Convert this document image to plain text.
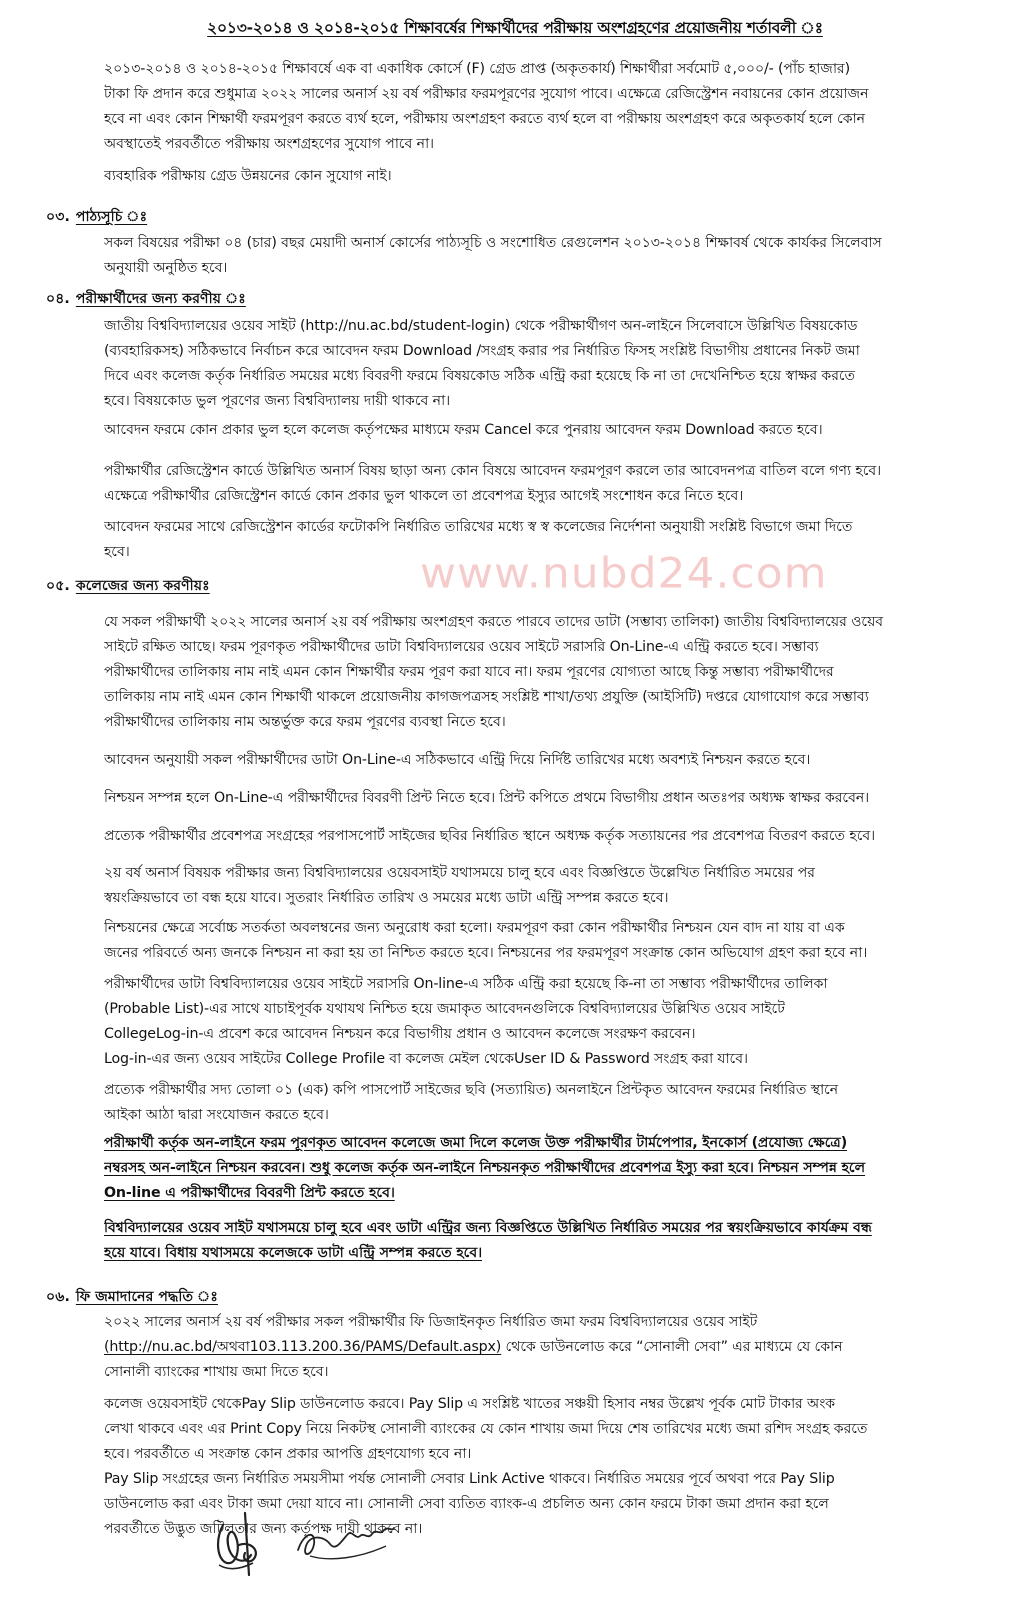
২০১৩-২০১৪ ও ২০১৪-২০১৫ শিক্ষাবর্ষের শিক্ষার্থীদের পরীক্ষায় অংশগ্রহণের প্রয়োজনীয় শর্তাবলী ঃ
www.nubd24.com
২০১৩-২০১৪ ও ২০১৪-২০১৫ শিক্ষাবর্ষে এক বা একাধিক কোর্সে (F) গ্রেড প্রাপ্ত (অকৃতকার্য) শিক্ষার্থীরা সর্বমোট ৫,০০০/- (পাঁচ হাজার)
টাকা ফি প্রদান করে শুধুমাত্র ২০২২ সালের অনার্স ২য় বর্ষ পরীক্ষার ফরমপূরণের সুযোগ পাবে। এক্ষেত্রে রেজিস্ট্রেশন নবায়নের কোন প্রয়োজন
হবে না এবং কোন শিক্ষার্থী ফরমপূরণ করতে ব্যর্থ হলে, পরীক্ষায় অংশগ্রহণ করতে ব্যর্থ হলে বা পরীক্ষায় অংশগ্রহণ করে অকৃতকার্য হলে কোন
অবস্থাতেই পরবর্তীতে পরীক্ষায় অংশগ্রহণের সুযোগ পাবে না।
ব্যবহারিক পরীক্ষায় গ্রেড উন্নয়নের কোন সুযোগ নাই।
০৩. পাঠ্যসূচি ঃ
সকল বিষয়ের পরীক্ষা ০৪ (চার) বছর মেয়াদী অনার্স কোর্সের পাঠ্যসূচি ও সংশোধিত রেগুলেশন ২০১৩-২০১৪ শিক্ষাবর্ষ থেকে কার্যকর সিলেবাস
অনুযায়ী অনুষ্ঠিত হবে।
০৪. পরীক্ষার্থীদের জন্য করণীয় ঃ
জাতীয় বিশ্ববিদ্যালয়ের ওয়েব সাইট (http://nu.ac.bd/student-login) থেকে পরীক্ষার্থীগণ অন-লাইনে সিলেবাসে উল্লিখিত বিষয়কোড
(ব্যবহারিকসহ) সঠিকভাবে নির্বাচন করে আবেদন ফরম Download /সংগ্রহ করার পর নির্ধারিত ফিসহ সংশ্লিষ্ট বিভাগীয় প্রধানের নিকট জমা
দিবে এবং কলেজ কর্তৃক নির্ধারিত সময়ের মধ্যে বিবরণী ফরমে বিষয়কোড সঠিক এন্ট্রি করা হয়েছে কি না তা দেখেনিশ্চিত হয়ে স্বাক্ষর করতে
হবে। বিষয়কোড ভুল পূরণের জন্য বিশ্ববিদ্যালয় দায়ী থাকবে না।
আবেদন ফরমে কোন প্রকার ভুল হলে কলেজ কর্তৃপক্ষের মাধ্যমে ফরম Cancel করে পুনরায় আবেদন ফরম Download করতে হবে।
পরীক্ষার্থীর রেজিস্ট্রেশন কার্ডে উল্লিখিত অনার্স বিষয় ছাড়া অন্য কোন বিষয়ে আবেদন ফরমপূরণ করলে তার আবেদনপত্র বাতিল বলে গণ্য হবে।
এক্ষেত্রে পরীক্ষার্থীর রেজিস্ট্রেশন কার্ডে কোন প্রকার ভুল থাকলে তা প্রবেশপত্র ইস্যুর আগেই সংশোধন করে নিতে হবে।
আবেদন ফরমের সাথে রেজিস্ট্রেশন কার্ডের ফটোকপি নির্ধারিত তারিখের মধ্যে স্ব স্ব কলেজের নির্দেশনা অনুযায়ী সংশ্লিষ্ট বিভাগে জমা দিতে
হবে।
০৫. কলেজের জন্য করণীয়ঃ
যে সকল পরীক্ষার্থী ২০২২ সালের অনার্স ২য় বর্ষ পরীক্ষায় অংশগ্রহণ করতে পারবে তাদের ডাটা (সম্ভাব্য তালিকা) জাতীয় বিশ্ববিদ্যালয়ের ওয়েব
সাইটে রক্ষিত আছে। ফরম পূরণকৃত পরীক্ষার্থীদের ডাটা বিশ্ববিদ্যালয়ের ওয়েব সাইটে সরাসরি On-Line-এ এন্ট্রি করতে হবে। সম্ভাব্য
পরীক্ষার্থীদের তালিকায় নাম নাই এমন কোন শিক্ষার্থীর ফরম পূরণ করা যাবে না। ফরম পূরণের যোগ্যতা আছে কিন্তু সম্ভাব্য পরীক্ষার্থীদের
তালিকায় নাম নাই এমন কোন শিক্ষার্থী থাকলে প্রয়োজনীয় কাগজপত্রসহ সংশ্লিষ্ট শাখা/তথ্য প্রযুক্তি (আইসিটি) দপ্তরে যোগাযোগ করে সম্ভাব্য
পরীক্ষার্থীদের তালিকায় নাম অন্তর্ভুক্ত করে ফরম পূরণের ব্যবস্থা নিতে হবে।
আবেদন অনুযায়ী সকল পরীক্ষার্থীদের ডাটা On-Line-এ সঠিকভাবে এন্ট্রি দিয়ে নির্দিষ্ট তারিখের মধ্যে অবশ্যই নিশ্চয়ন করতে হবে।
নিশ্চয়ন সম্পন্ন হলে On-Line-এ পরীক্ষার্থীদের বিবরণী প্রিন্ট নিতে হবে। প্রিন্ট কপিতে প্রথমে বিভাগীয় প্রধান অতঃপর অধ্যক্ষ স্বাক্ষর করবেন।
প্রত্যেক পরীক্ষার্থীর প্রবেশপত্র সংগ্রহের পরপাসপোর্ট সাইজের ছবির নির্ধারিত স্থানে অধ্যক্ষ কর্তৃক সত্যায়নের পর প্রবেশপত্র বিতরণ করতে হবে।
২য় বর্ষ অনার্স বিষয়ক পরীক্ষার জন্য বিশ্ববিদ্যালয়ের ওয়েবসাইট যথাসময়ে চালু হবে এবং বিজ্ঞপ্তিতে উল্লেখিত নির্ধারিত সময়ের পর
স্বয়ংক্রিয়ভাবে তা বন্ধ হয়ে যাবে। সুতরাং নির্ধারিত তারিখ ও সময়ের মধ্যে ডাটা এন্ট্রি সম্পন্ন করতে হবে।
নিশ্চয়নের ক্ষেত্রে সর্বোচ্চ সতর্কতা অবলম্বনের জন্য অনুরোধ করা হলো। ফরমপূরণ করা কোন পরীক্ষার্থীর নিশ্চয়ন যেন বাদ না যায় বা এক
জনের পরিবর্তে অন্য জনকে নিশ্চয়ন না করা হয় তা নিশ্চিত করতে হবে। নিশ্চয়নের পর ফরমপূরণ সংক্রান্ত কোন অভিযোগ গ্রহণ করা হবে না।
পরীক্ষার্থীদের ডাটা বিশ্ববিদ্যালয়ের ওয়েব সাইটে সরাসরি On-line-এ সঠিক এন্ট্রি করা হয়েছে কি-না তা সম্ভাব্য পরীক্ষার্থীদের তালিকা
(Probable List)-এর সাথে যাচাইপূর্বক যথাযথ নিশ্চিত হয়ে জমাকৃত আবেদনগুলিকে বিশ্ববিদ্যালয়ের উল্লিখিত ওয়েব সাইটে
CollegeLog-in-এ প্রবেশ করে আবেদন নিশ্চয়ন করে বিভাগীয় প্রধান ও আবেদন কলেজে সংরক্ষণ করবেন।
Log-in-এর জন্য ওয়েব সাইটের College Profile বা কলেজ মেইল থেকেUser ID & Password সংগ্রহ করা যাবে।
প্রত্যেক পরীক্ষার্থীর সদ্য তোলা ০১ (এক) কপি পাসপোর্ট সাইজের ছবি (সত্যায়িত) অনলাইনে প্রিন্টকৃত আবেদন ফরমের নির্ধারিত স্থানে
আইকা আঠা দ্বারা সংযোজন করতে হবে।
পরীক্ষার্থী কর্তৃক অন-লাইনে ফরম পূরণকৃত আবেদন কলেজে জমা দিলে কলেজ উক্ত পরীক্ষার্থীর টার্মপেপার, ইনকোর্স (প্রযোজ্য ক্ষেত্রে)
নম্বরসহ অন-লাইনে নিশ্চয়ন করবেন। শুধু কলেজ কর্তৃক অন-লাইনে নিশ্চয়নকৃত পরীক্ষার্থীদের প্রবেশপত্র ইস্যু করা হবে। নিশ্চয়ন সম্পন্ন হলে
On-line এ পরীক্ষার্থীদের বিবরণী প্রিন্ট করতে হবে।
বিশ্ববিদ্যালয়ের ওয়েব সাইট যথাসময়ে চালু হবে এবং ডাটা এন্ট্রির জন্য বিজ্ঞপ্তিতে উল্লিখিত নির্ধারিত সময়ের পর স্বয়ংক্রিয়ভাবে কার্যক্রম বন্ধ
হয়ে যাবে। বিধায় যথাসময়ে কলেজকে ডাটা এন্ট্রি সম্পন্ন করতে হবে।
০৬. ফি জমাদানের পদ্ধতি ঃ
২০২২ সালের অনার্স ২য় বর্ষ পরীক্ষার সকল পরীক্ষার্থীর ফি ডিজাইনকৃত নির্ধারিত জমা ফরম বিশ্ববিদ্যালয়ের ওয়েব সাইট
(http://nu.ac.bd/অথবা103.113.200.36/PAMS/Default.aspx) থেকে ডাউনলোড করে “সোনালী সেবা” এর মাধ্যমে যে কোন
সোনালী ব্যাংকের শাখায় জমা দিতে হবে।
কলেজ ওয়েবসাইট থেকেPay Slip ডাউনলোড করবে। Pay Slip এ সংশ্লিষ্ট খাতের সঞ্চয়ী হিসাব নম্বর উল্লেখ পূর্বক মোট টাকার অংক
লেখা থাকবে এবং এর Print Copy নিয়ে নিকটস্থ সোনালী ব্যাংকের যে কোন শাখায় জমা দিয়ে শেষ তারিখের মধ্যে জমা রশিদ সংগ্রহ করতে
হবে। পরবর্তীতে এ সংক্রান্ত কোন প্রকার আপত্তি গ্রহণযোগ্য হবে না।
Pay Slip সংগ্রহের জন্য নির্ধারিত সময়সীমা পর্যন্ত সোনালী সেবার Link Active থাকবে। নির্ধারিত সময়ের পূর্বে অথবা পরে Pay Slip
ডাউনলোড করা এবং টাকা জমা দেয়া যাবে না। সোনালী সেবা ব্যতিত ব্যাংক-এ প্রচলিত অন্য কোন ফরমে টাকা জমা প্রদান করা হলে
পরবর্তীতে উদ্ভুত জটিলতার জন্য কর্তৃপক্ষ দায়ী থাকবে না।
